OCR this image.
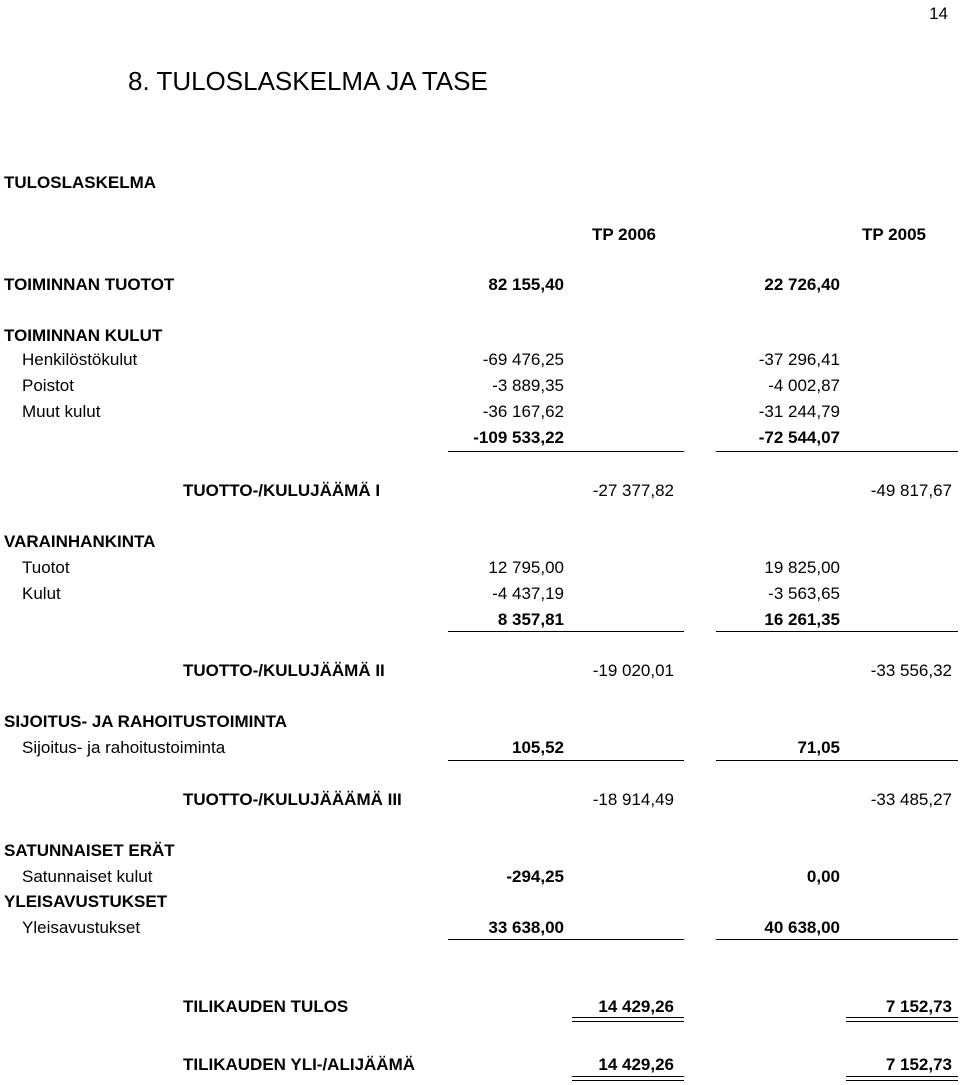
14
8. TULOSLASKELMA JA TASE
TULOSLASKELMA
TP 2006	TP 2005
TOIMINNAN TUOTOT	82 155,40	22 726,40
TOIMINNAN KULUT
Henkilöstökulut	-69 476,25	-37 296,41
Poistot	-3 889,35	-4 002,87
Muut kulut	-36 167,62	-31 244,79
-109 533,22	-72 544,07
TUOTTO-/KULUJÄÄMÄ I	-27 377,82	-49 817,67
VARAINHANKINTA
Tuotot	12 795,00	19 825,00
Kulut	-4 437,19	-3 563,65
8 357,81	16 261,35
TUOTTO-/KULUJÄÄMÄ II	-19 020,01	-33 556,32
SIJOITUS- JA RAHOITUSTOIMINTA
Sijoitus- ja rahoitustoiminta	105,52	71,05
TUOTTO-/KULUJÄÄÄMÄ III	-18 914,49	-33 485,27
SATUNNAISET ERÄT
Satunnaiset kulut	-294,25	0,00
YLEISAVUSTUKSET
Yleisavustukset	33 638,00	40 638,00
TILIKAUDEN TULOS	14 429,26	7 152,73
TILIKAUDEN YLI-/ALIJÄÄMÄ	14 429,26	7 152,73
